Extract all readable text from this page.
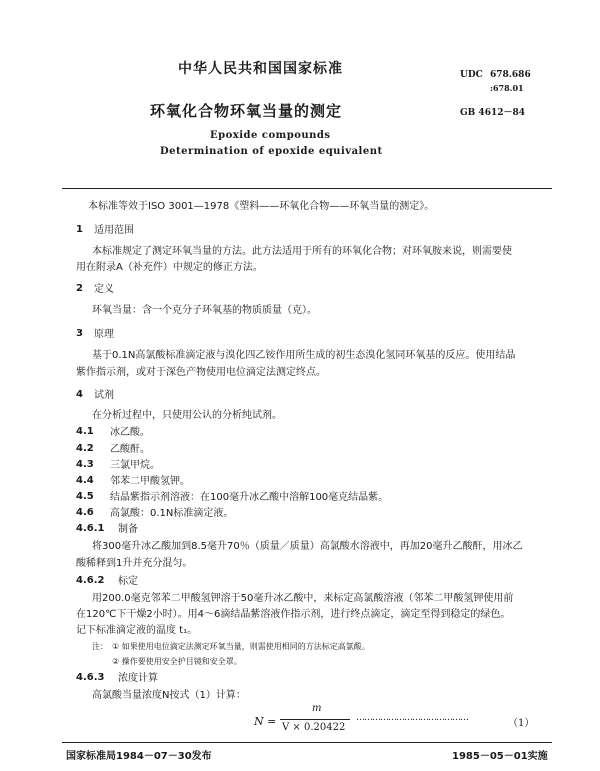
中华人民共和国国家标准	UDC 678.686
:678.01
环氧化合物环氧当量的测定	GB 4612－84
Epoxide compounds
Determination of epoxide equivalent
本标准等效于ISO 3001—1978《塑料——环氧化合物——环氧当量的测定》。
1 适用范围
本标准规定了测定环氧当量的方法。此方法适用于所有的环氧化合物；对环氧胺来说，则需要使
用在附录A（补充件）中规定的修正方法。
2 定义
环氧当量：含一个克分子环氧基的物质质量（克）。
3 原理
基于0.1N高氯酸标准滴定液与溴化四乙铵作用所生成的初生态溴化氢同环氧基的反应。使用结晶
紫作指示剂，或对于深色产物使用电位滴定法测定终点。
4 试剂
在分析过程中，只使用公认的分析纯试剂。
4.1 冰乙酸。
4.2 乙酸酐。
4.3 三氯甲烷。
4.4 邻苯二甲酸氢钾。
4.5 结晶紫指示剂溶液：在100毫升冰乙酸中溶解100毫克结晶紫。
4.6 高氯酸：0.1N标准滴定液。
4.6.1 制备
将300毫升冰乙酸加到8.5毫升70％（质量／质量）高氯酸水溶液中，再加20毫升乙酸酐，用冰乙
酸稀释到1升并充分混匀。
4.6.2 标定
用200.0毫克邻苯二甲酸氢钾溶于50毫升冰乙酸中，来标定高氯酸溶液（邻苯二甲酸氢钾使用前
在120℃下干燥2小时）。用4～6滴结晶紫溶液作指示剂，进行终点滴定，滴定至得到稳定的绿色。
记下标准滴定液的温度 t₁。
注： ① 如果使用电位滴定法测定环氧当量，则需使用相同的方法标定高氯酸。
② 操作要使用安全护目镜和安全罩。
4.6.3 浓度计算
高氯酸当量浓度N按式（1）计算：
N =
m
V × 0.20422
……………………………………	（1）
国家标准局1984－07－30发布	1985－05－01实施
